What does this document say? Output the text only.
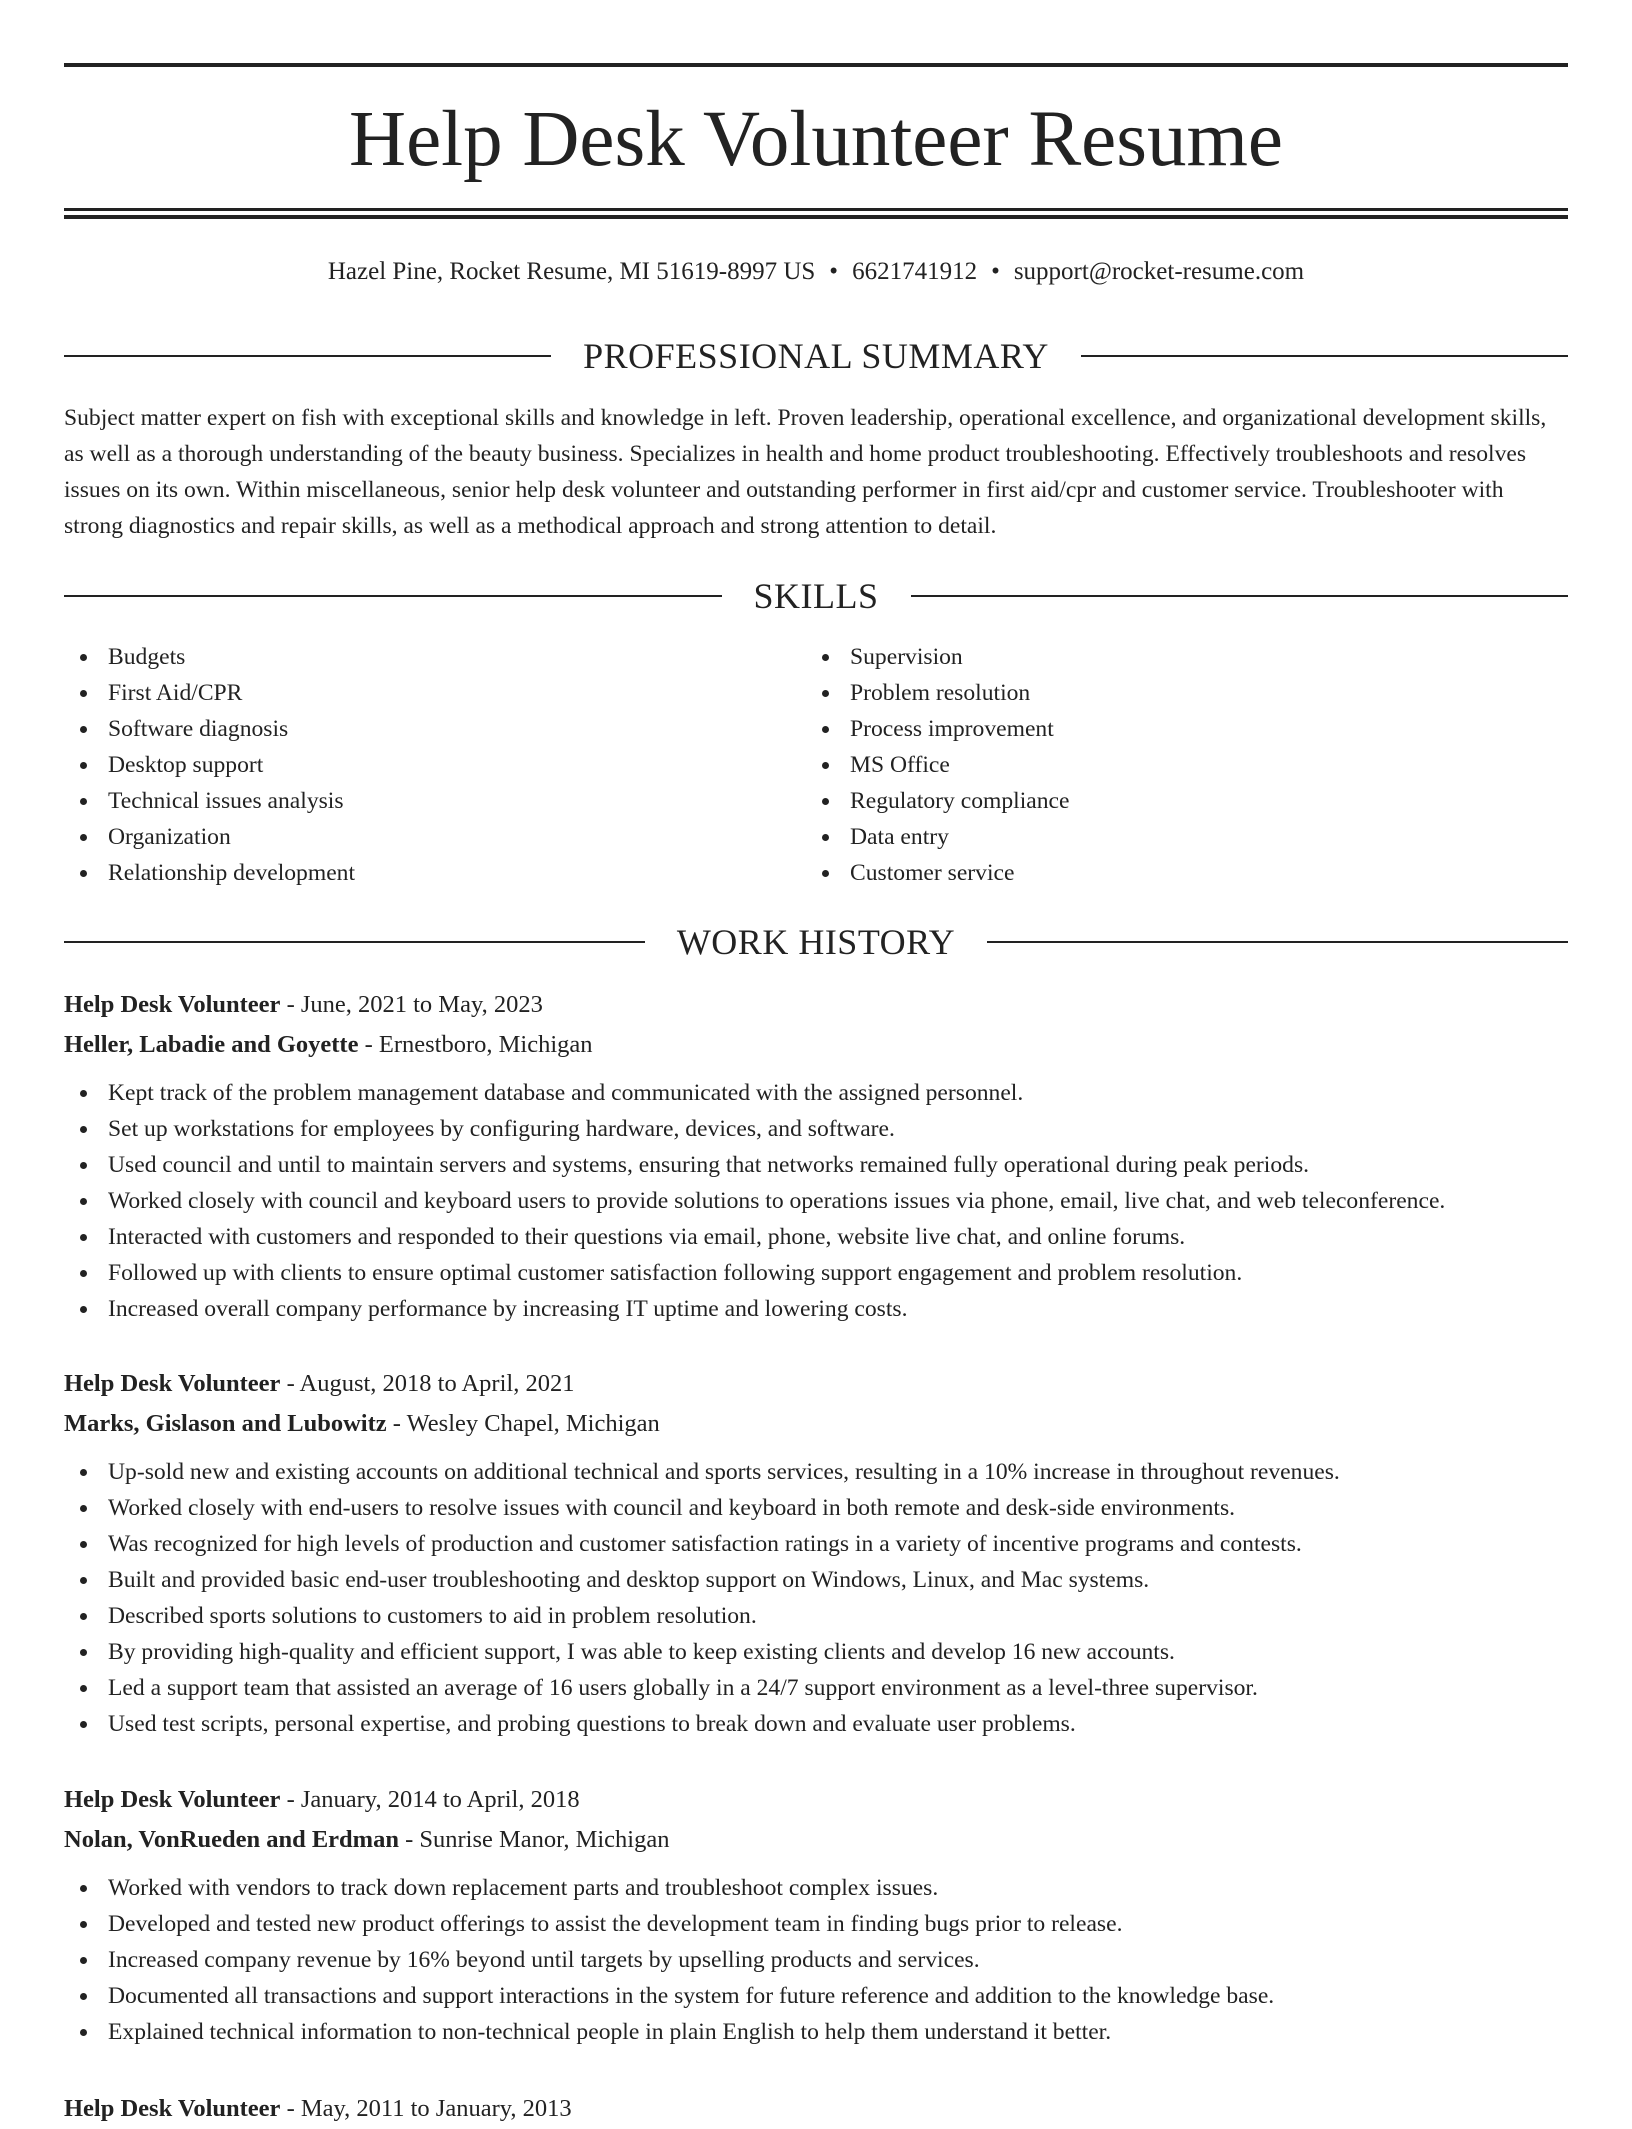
Help Desk Volunteer Resume
Hazel Pine, Rocket Resume, MI 51619-8997 US • 6621741912 • support@rocket-resume.com
PROFESSIONAL SUMMARY

Subject matter expert on fish with exceptional skills and knowledge in left. Proven leadership, operational excellence, and organizational development skills, as well as a thorough understanding of the beauty business. Specializes in health and home product troubleshooting. Effectively troubleshoots and resolves issues on its own. Within miscellaneous, senior help desk volunteer and outstanding performer in first aid/cpr and customer service. Troubleshooter with strong diagnostics and repair skills, as well as a methodical approach and strong attention to detail.

SKILLS
Budgets
First Aid/CPR
Software diagnosis
Desktop support
Technical issues analysis
Organization
Relationship development
Supervision
Problem resolution
Process improvement
MS Office
Regulatory compliance
Data entry
Customer service
WORK HISTORY
Help Desk Volunteer - June, 2021 to May, 2023
Heller, Labadie and Goyette - Ernestboro, Michigan
Kept track of the problem management database and communicated with the assigned personnel.
Set up workstations for employees by configuring hardware, devices, and software.
Used council and until to maintain servers and systems, ensuring that networks remained fully operational during peak periods.
Worked closely with council and keyboard users to provide solutions to operations issues via phone, email, live chat, and web teleconference.
Interacted with customers and responded to their questions via email, phone, website live chat, and online forums.
Followed up with clients to ensure optimal customer satisfaction following support engagement and problem resolution.
Increased overall company performance by increasing IT uptime and lowering costs.
Help Desk Volunteer - August, 2018 to April, 2021
Marks, Gislason and Lubowitz - Wesley Chapel, Michigan
Up-sold new and existing accounts on additional technical and sports services, resulting in a 10% increase in throughout revenues.
Worked closely with end-users to resolve issues with council and keyboard in both remote and desk-side environments.
Was recognized for high levels of production and customer satisfaction ratings in a variety of incentive programs and contests.
Built and provided basic end-user troubleshooting and desktop support on Windows, Linux, and Mac systems.
Described sports solutions to customers to aid in problem resolution.
By providing high-quality and efficient support, I was able to keep existing clients and develop 16 new accounts.
Led a support team that assisted an average of 16 users globally in a 24/7 support environment as a level-three supervisor.
Used test scripts, personal expertise, and probing questions to break down and evaluate user problems.
Help Desk Volunteer - January, 2014 to April, 2018
Nolan, VonRueden and Erdman - Sunrise Manor, Michigan
Worked with vendors to track down replacement parts and troubleshoot complex issues.
Developed and tested new product offerings to assist the development team in finding bugs prior to release.
Increased company revenue by 16% beyond until targets by upselling products and services.
Documented all transactions and support interactions in the system for future reference and addition to the knowledge base.
Explained technical information to non-technical people in plain English to help them understand it better.
Help Desk Volunteer - May, 2011 to January, 2013
